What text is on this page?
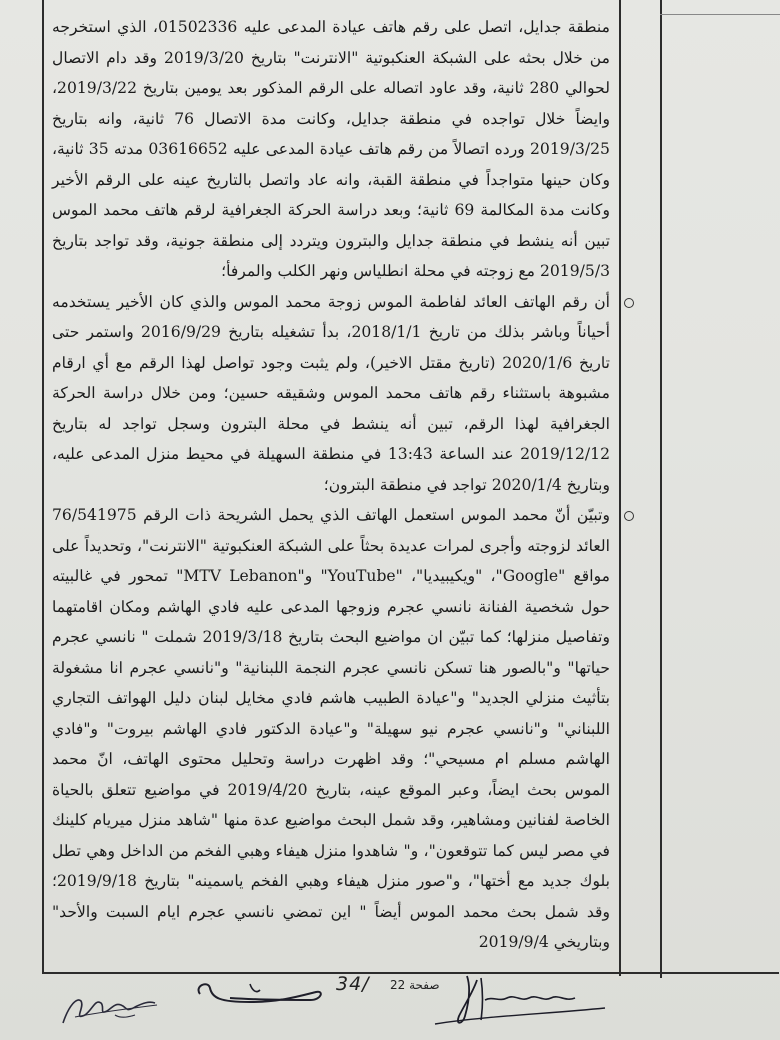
منطقة جدايل، اتصل على رقم هاتف عيادة المدعى عليه 01502336، الذي استخرجه من خلال بحثه على الشبكة العنكبوتية "الانترنت" بتاريخ 2019/3/20 وقد دام الاتصال لحوالي 280 ثانية، وقد عاود اتصاله على الرقم المذكور بعد يومين بتاريخ 2019/3/22، وايضاً خلال تواجده في منطقة جدايل، وكانت مدة الاتصال 76 ثانية، وانه بتاريخ 2019/3/25 ورده اتصالاً من رقم هاتف عيادة المدعى عليه 03616652 مدته 35 ثانية، وكان حينها متواجداً في منطقة القبة، وانه عاد واتصل بالتاريخ عينه على الرقم الأخير وكانت مدة المكالمة 69 ثانية؛ وبعد دراسة الحركة الجغرافية لرقم هاتف محمد الموس تبين أنه ينشط في منطقة جدايل والبترون ويتردد إلى منطقة جونية، وقد تواجد بتاريخ 2019/5/3 مع زوجته في محلة انطلياس ونهر الكلب والمرفأ؛

أن رقم الهاتف العائد لفاطمة الموس زوجة محمد الموس والذي كان الأخير يستخدمه أحياناً وباشر بذلك من تاريخ 2018/1/1، بدأ تشغيله بتاريخ 2016/9/29 واستمر حتى تاريخ 2020/1/6 (تاريخ مقتل الاخير)، ولم يثبت وجود تواصل لهذا الرقم مع أي ارقام مشبوهة باستثناء رقم هاتف محمد الموس وشقيقه حسين؛ ومن خلال دراسة الحركة الجغرافية لهذا الرقم، تبين أنه ينشط في محلة البترون وسجل تواجد له بتاريخ 2019/12/12 عند الساعة 13:43 في منطقة السهيلة في محيط منزل المدعى عليه، وبتاريخ 2020/1/4 تواجد في منطقة البترون؛

وتبيّن أنّ محمد الموس استعمل الهاتف الذي يحمل الشريحة ذات الرقم 76/541975 العائد لزوجته وأجرى لمرات عديدة بحثاً على الشبكة العنكبوتية "الانترنت"، وتحديداً على مواقع "Google"، "ويكيبيديا"، "YouTube" و"MTV Lebanon" تمحور في غالبيته حول شخصية الفنانة نانسي عجرم وزوجها المدعى عليه فادي الهاشم ومكان اقامتهما وتفاصيل منزلها؛ كما تبيّن ان مواضيع البحث بتاريخ 2019/3/18 شملت " نانسي عجرم حياتها" و"بالصور هنا تسكن نانسي عجرم النجمة اللبنانية" و"نانسي عجرم انا مشغولة بتأثيث منزلي الجديد" و"عيادة الطبيب هاشم فادي مخايل لبنان دليل الهواتف التجاري اللبناني" و"نانسي عجرم نيو سهيلة" و"عيادة الدكتور فادي الهاشم بيروت" و"فادي الهاشم مسلم ام مسيحي"؛ وقد اظهرت دراسة وتحليل محتوى الهاتف، انّ محمد الموس بحث ايضاً، وعبر الموقع عينه، بتاريخ 2019/4/20 في مواضيع تتعلق بالحياة الخاصة لفنانين ومشاهير، وقد شمل البحث مواضيع عدة منها "شاهد منزل ميريام كلينك في مصر ليس كما تتوقعون"، و" شاهدوا منزل هيفاء وهبي الفخم من الداخل وهي تطل بلوك جديد مع أختها"، و"صور منزل هيفاء وهبي الفخم ياسمينه" بتاريخ 2019/9/18؛ وقد شمل بحث محمد الموس أيضاً " اين تمضي نانسي عجرم ايام السبت والأحد" وبتاريخي 2019/9/4

34/ صفحة 22
